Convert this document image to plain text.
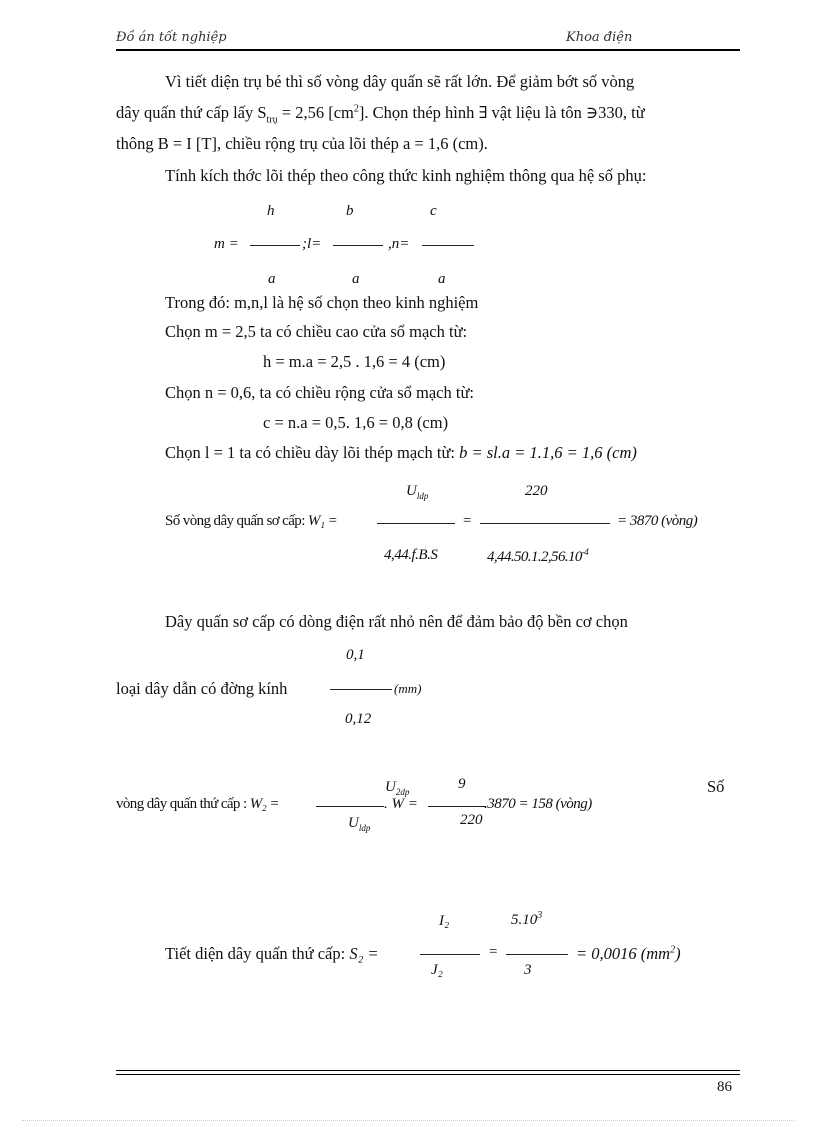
Đồ án tốt nghiệp	Khoa điện
Vì tiết diện trụ bé thì số vòng dây quấn sẽ rất lớn. Để giảm bớt số vòng
dây quấn thứ cấp lấy $S_{trụ} = 2,56$ $[cm^2]$. Chọn thép hình ∃ vật liệu là tôn ∋330, từ
thông B = I [T], chiều rộng trụ của lõi thép a = 1,6 (cm).
Tính kích thớc lõi thép theo công thức kinh nghiệm thông qua hệ số phụ:
h	b	c
m =	;l=	,n=
a	a	a
Trong đó: m,n,l là hệ số chọn theo kinh nghiệm
Chọn m = 2,5 ta có chiều cao cửa sổ mạch từ:
h = m.a = 2,5 . 1,6 = 4 (cm)
Chọn n = 0,6, ta có chiều rộng cửa sổ mạch từ:
c = n.a = 0,5. 1,6 = 0,8 (cm)
Chọn l = 1 ta có chiều dày lõi thép mạch từ: b = sl.a = 1.1,6 = 1,6 (cm)
$U_{ldp}$	220
Số vòng dây quấn sơ cấp: W₁ =	=	= 3870 (vòng)
4,44.f.B.S	$4,44.50.1.2,56.10^{-4}$
Dây quấn sơ cấp có dòng điện rất nhỏ nên để đảm bảo độ bền cơ chọn
0,1
loại dây dẫn có đờng kính	(mm)
0,12
$U_{2dp}$	9	Số
vòng dây quấn thứ cấp : W₂ =	. W =	.3870 = 158 (vòng)
$U_{ldp}$	220
I₂	5.10$^3$
Tiết diện dây quấn thứ cấp: S₂ =	=	= 0,0016 $(mm^2)$
J₂	3
86
